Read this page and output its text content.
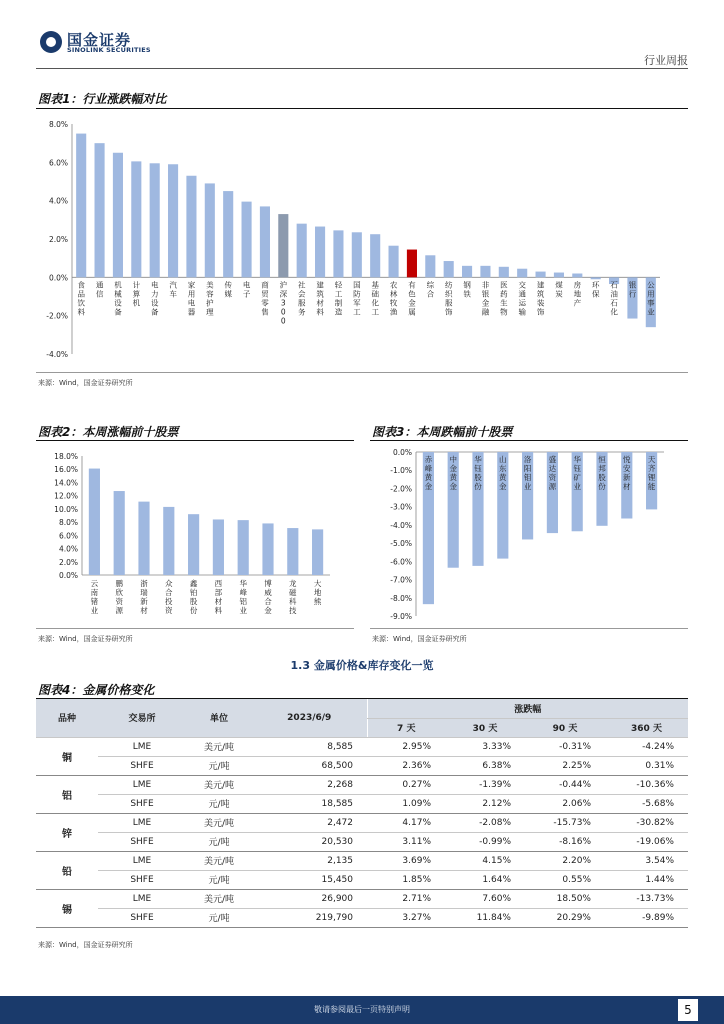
国金证券
SINOLINK SECURITIES
行业周报
图表1：行业涨跌幅对比
-4.0%
-2.0%
0.0%
2.0%
4.0%
6.0%
8.0%
食
品
饮
料
通
信
机
械
设
备
计
算
机
电
力
设
备
汽
车
家
用
电
器
美
容
护
理
传
媒
电
子
商
贸
零
售
沪
深
3
0
0
社
会
服
务
建
筑
材
料
轻
工
制
造
国
防
军
工
基
础
化
工
农
林
牧
渔
有
色
金
属
综
合
纺
织
服
饰
钢
铁
非
银
金
融
医
药
生
物
交
通
运
输
建
筑
装
饰
煤
炭
房
地
产
环
保
石
油
石
化
银
行
公
用
事
业
来源：Wind，国金证券研究所
图表2：本周涨幅前十股票
0.0%
2.0%
4.0%
6.0%
8.0%
10.0%
12.0%
14.0%
16.0%
18.0%
云
南
锗
业
鹏
欣
资
源
浙
瑞
新
材
众
合
投
资
鑫
铂
股
份
西
部
材
料
华
峰
铝
业
博
威
合
金
龙
磁
科
技
大
地
熊
来源：Wind，国金证券研究所
图表3：本周跌幅前十股票
0.0%
-1.0%
-2.0%
-3.0%
-4.0%
-5.0%
-6.0%
-7.0%
-8.0%
-9.0%
赤
峰
黄
金
中
金
黄
金
华
钰
股
份
山
东
黄
金
洛
阳
钼
业
盛
达
资
源
华
钰
矿
业
恒
邦
股
份
悦
安
新
材
天
齐
锂
能
来源：Wind，国金证券研究所
1.3 金属价格&库存变化一览
图表4：金属价格变化
品种	交易所	单位	2023/6/9	涨跌幅			
				7 天	30 天	90 天	360 天
铜	LME	美元/吨	8,585	2.95%	3.33%	-0.31%	-4.24%
	SHFE	元/吨	68,500	2.36%	6.38%	2.25%	0.31%
铝	LME	美元/吨	2,268	0.27%	-1.39%	-0.44%	-10.36%
	SHFE	元/吨	18,585	1.09%	2.12%	2.06%	-5.68%
锌	LME	美元/吨	2,472	4.17%	-2.08%	-15.73%	-30.82%
	SHFE	元/吨	20,530	3.11%	-0.99%	-8.16%	-19.06%
铅	LME	美元/吨	2,135	3.69%	4.15%	2.20%	3.54%
	SHFE	元/吨	15,450	1.85%	1.64%	0.55%	1.44%
锡	LME	美元/吨	26,900	2.71%	7.60%	18.50%	-13.73%
	SHFE	元/吨	219,790	3.27%	11.84%	20.29%	-9.89%
来源：Wind，国金证券研究所
敬请参阅最后一页特别声明	5
